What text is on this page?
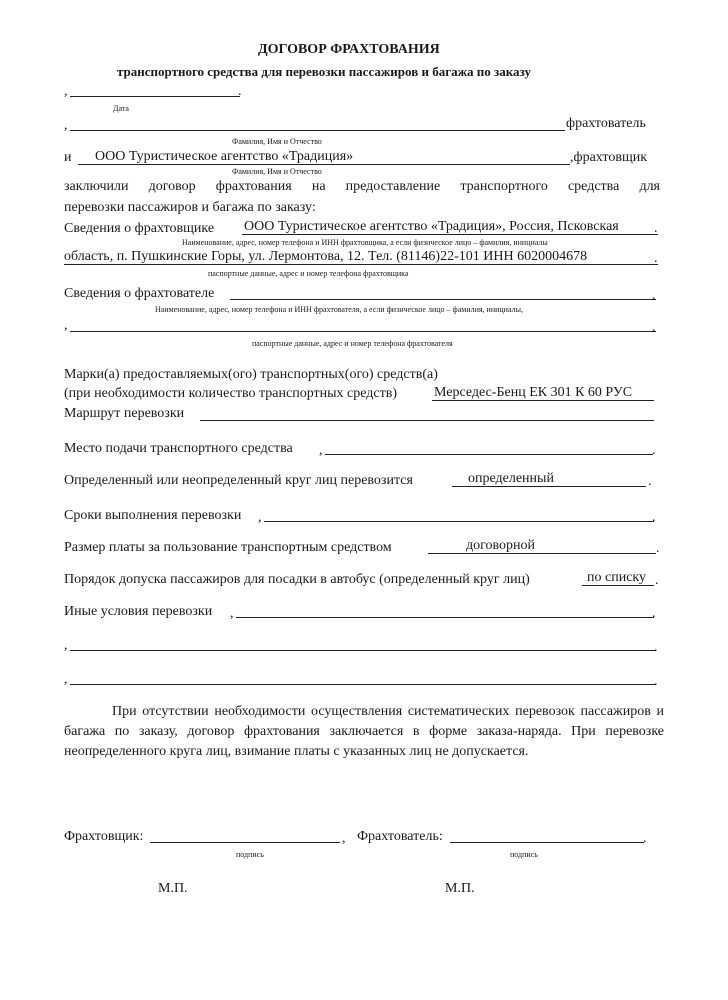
ДОГОВОР ФРАХТОВАНИЯ
транспортного средства для перевозки пассажиров и багажа по заказу
,	.
Дата
,	фрахтователь
Фамилия, Имя и Отчество
и ООО Туристическое агентство «Традиция»	,фрахтовщик
Фамилия, Имя и Отчество
заключили договор фрахтования на предоставление транспортного средства для
перевозки пассажиров и багажа по заказу:
Сведения о фрахтовщике ООО Туристическое агентство «Традиция», Россия, Псковская	.
Наименование, адрес, номер телефона и ИНН фрахтовщика, а если физическое лицо – фамилия, инициалы
область, п. Пушкинские Горы, ул. Лермонтова, 12. Тел. (81146)22-101 ИНН 6020004678	.
паспортные данные, адрес и номер телефона фрахтовщика
Сведения о фрахтователе	.
Наименование, адрес, номер телефона и ИНН фрахтователя, а если физическое лицо – фамилия, инициалы,
,	.
паспортные данные, адрес и номер телефона фрахтователя
Марки(а) предоставляемых(ого) транспортных(ого) средств(а)
(при необходимости количество транспортных средств)	Мерседес-Бенц ЕК 301 К 60 РУС
Маршрут перевозки
Место подачи транспортного средства ,	.
Определенный или неопределенный круг лиц перевозится	определенный	.
Сроки выполнения перевозки ,	.
Размер платы за пользование транспортным средством	договорной	.
Порядок допуска пассажиров для посадки в автобус (определенный круг лиц)	по списку .
Иные условия перевозки ,	.
,	.
,	.
При отсутствии необходимости осуществления систематических перевозок пассажиров и багажа по заказу, договор фрахтования заключается в форме заказа-наряда. При перевозке неопределенного круга лиц, взимание платы с указанных лиц не допускается.
Фрахтовщик:	,
подпись
Фрахтователь:	.
подпись
М.П.	М.П.
